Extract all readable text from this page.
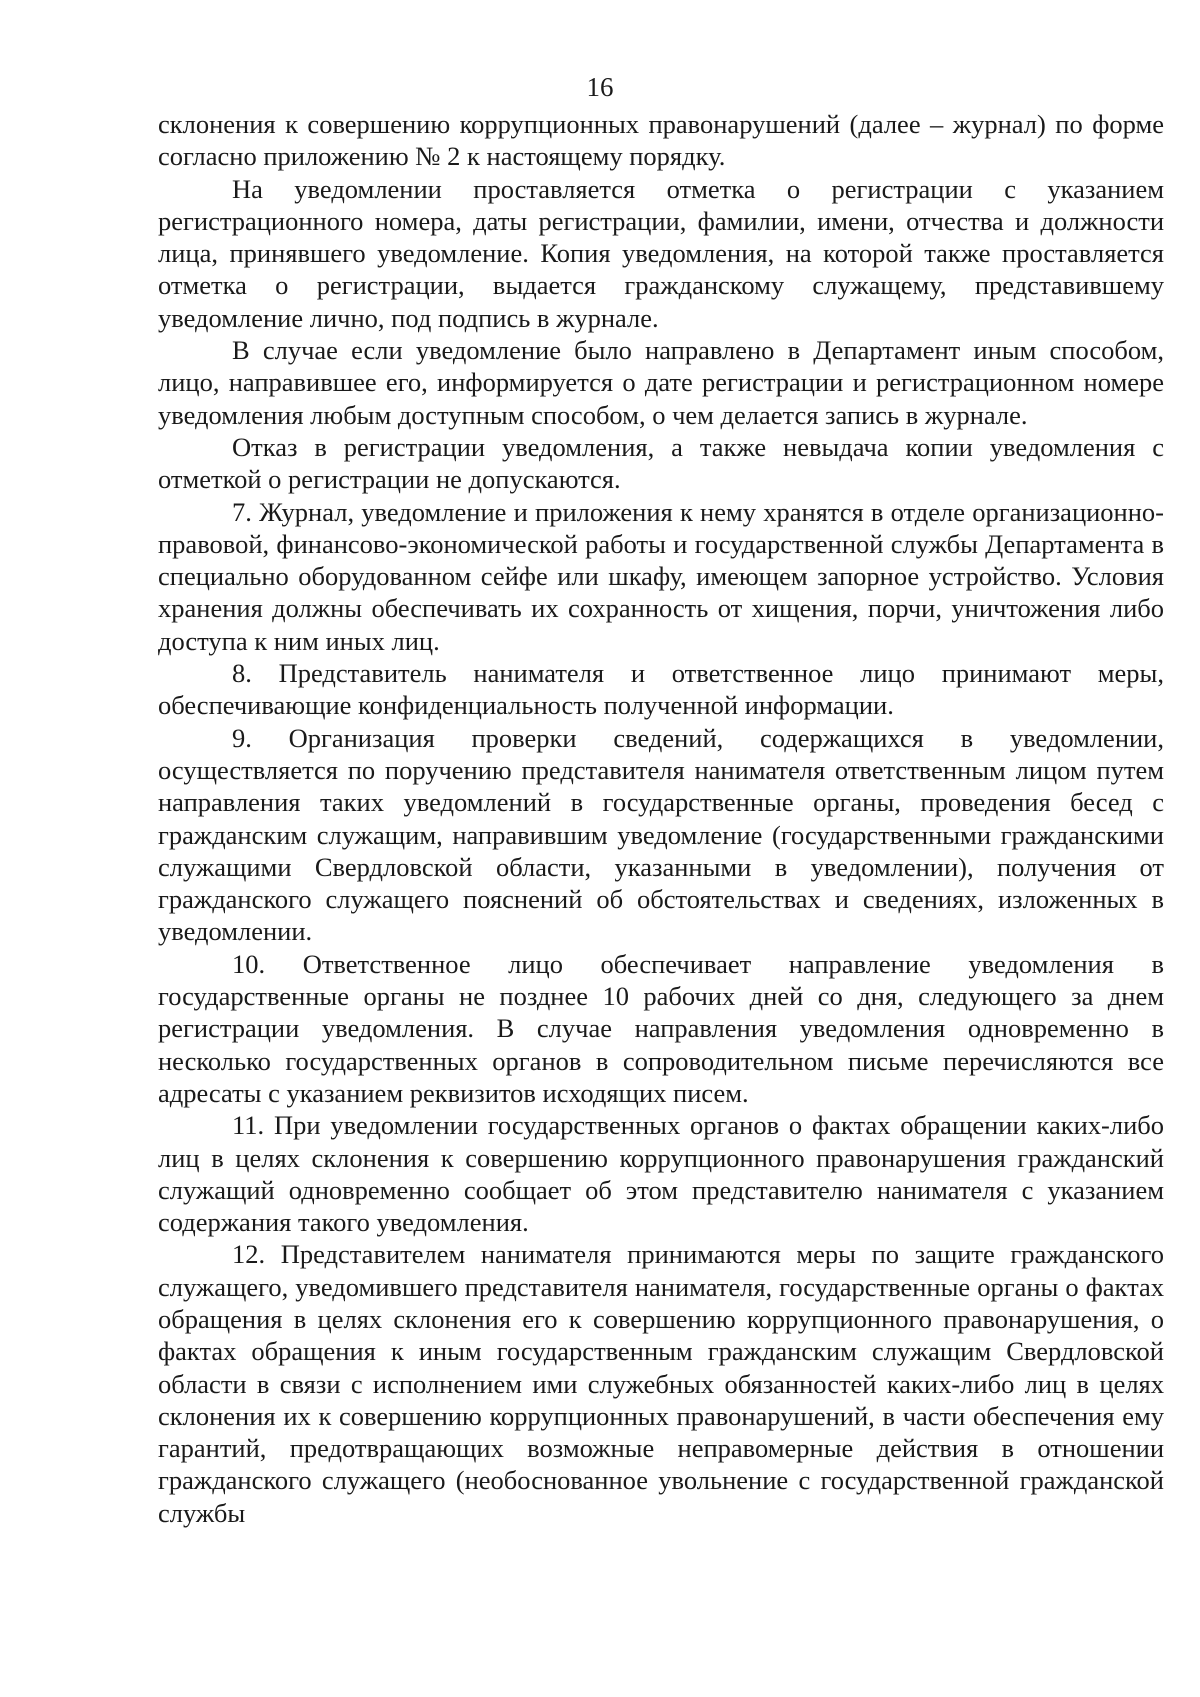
16

склонения к совершению коррупционных правонарушений (далее – журнал) по форме согласно приложению № 2 к настоящему порядку.

На уведомлении проставляется отметка о регистрации с указанием регистрационного номера, даты регистрации, фамилии, имени, отчества и должности лица, принявшего уведомление. Копия уведомления, на которой также проставляется отметка о регистрации, выдается гражданскому служащему, представившему уведомление лично, под подпись в журнале.

В случае если уведомление было направлено в Департамент иным способом, лицо, направившее его, информируется о дате регистрации и регистрационном номере уведомления любым доступным способом, о чем делается запись в журнале.

Отказ в регистрации уведомления, а также невыдача копии уведомления с отметкой о регистрации не допускаются.

7. Журнал, уведомление и приложения к нему хранятся в отделе организационно-правовой, финансово-экономической работы и государственной службы Департамента в специально оборудованном сейфе или шкафу, имеющем запорное устройство. Условия хранения должны обеспечивать их сохранность от хищения, порчи, уничтожения либо доступа к ним иных лиц.

8. Представитель нанимателя и ответственное лицо принимают меры, обеспечивающие конфиденциальность полученной информации.

9. Организация проверки сведений, содержащихся в уведомлении, осуществляется по поручению представителя нанимателя ответственным лицом путем направления таких уведомлений в государственные органы, проведения бесед с гражданским служащим, направившим уведомление (государственными гражданскими служащими Свердловской области, указанными в уведомлении), получения от гражданского служащего пояснений об обстоятельствах и сведениях, изложенных в уведомлении.

10. Ответственное лицо обеспечивает направление уведомления в государственные органы не позднее 10 рабочих дней со дня, следующего за днем регистрации уведомления. В случае направления уведомления одновременно в несколько государственных органов в сопроводительном письме перечисляются все адресаты с указанием реквизитов исходящих писем.

11. При уведомлении государственных органов о фактах обращении каких-либо лиц в целях склонения к совершению коррупционного правонарушения гражданский служащий одновременно сообщает об этом представителю нанимателя с указанием содержания такого уведомления.

12. Представителем нанимателя принимаются меры по защите гражданского служащего, уведомившего представителя нанимателя, государственные органы о фактах обращения в целях склонения его к совершению коррупционного правонарушения, о фактах обращения к иным государственным гражданским служащим Свердловской области в связи с исполнением ими служебных обязанностей каких-либо лиц в целях склонения их к совершению коррупционных правонарушений, в части обеспечения ему гарантий, предотвращающих возможные неправомерные действия в отношении гражданского служащего (необоснованное увольнение с государственной гражданской службы
